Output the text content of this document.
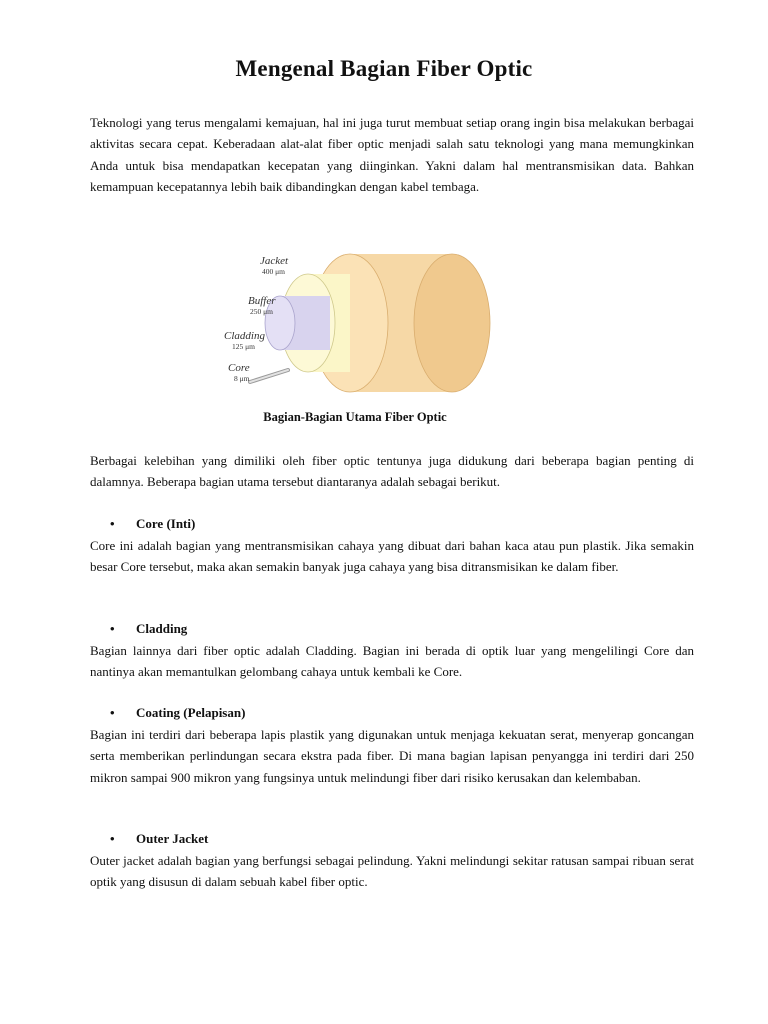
Mengenal Bagian Fiber Optic

Teknologi yang terus mengalami kemajuan, hal ini juga turut membuat setiap orang ingin bisa melakukan berbagai aktivitas secara cepat. Keberadaan alat-alat fiber optic menjadi salah satu teknologi yang mana memungkinkan Anda untuk bisa mendapatkan kecepatan yang diinginkan. Yakni dalam hal mentransmisikan data. Bahkan kemampuan kecepatannya lebih baik dibandingkan dengan kabel tembaga.

Jacket
400 μm
Buffer
250 μm
Cladding
125 μm
Core
8 μm

Bagian-Bagian Utama Fiber Optic

Berbagai kelebihan yang dimiliki oleh fiber optic tentunya juga didukung dari beberapa bagian penting di dalamnya. Beberapa bagian utama tersebut diantaranya adalah sebagai berikut.

• Core (Inti)

Core ini adalah bagian yang mentransmisikan cahaya yang dibuat dari bahan kaca atau pun plastik. Jika semakin besar Core tersebut, maka akan semakin banyak juga cahaya yang bisa ditransmisikan ke dalam fiber.

• Cladding

Bagian lainnya dari fiber optic adalah Cladding. Bagian ini berada di optik luar yang mengelilingi Core dan nantinya akan memantulkan gelombang cahaya untuk kembali ke Core.

• Coating (Pelapisan)

Bagian ini terdiri dari beberapa lapis plastik yang digunakan untuk menjaga kekuatan serat, menyerap goncangan serta memberikan perlindungan secara ekstra pada fiber. Di mana bagian lapisan penyangga ini terdiri dari 250 mikron sampai 900 mikron yang fungsinya untuk melindungi fiber dari risiko kerusakan dan kelembaban.

• Outer Jacket

Outer jacket adalah bagian yang berfungsi sebagai pelindung. Yakni melindungi sekitar ratusan sampai ribuan serat optik yang disusun di dalam sebuah kabel fiber optic.
